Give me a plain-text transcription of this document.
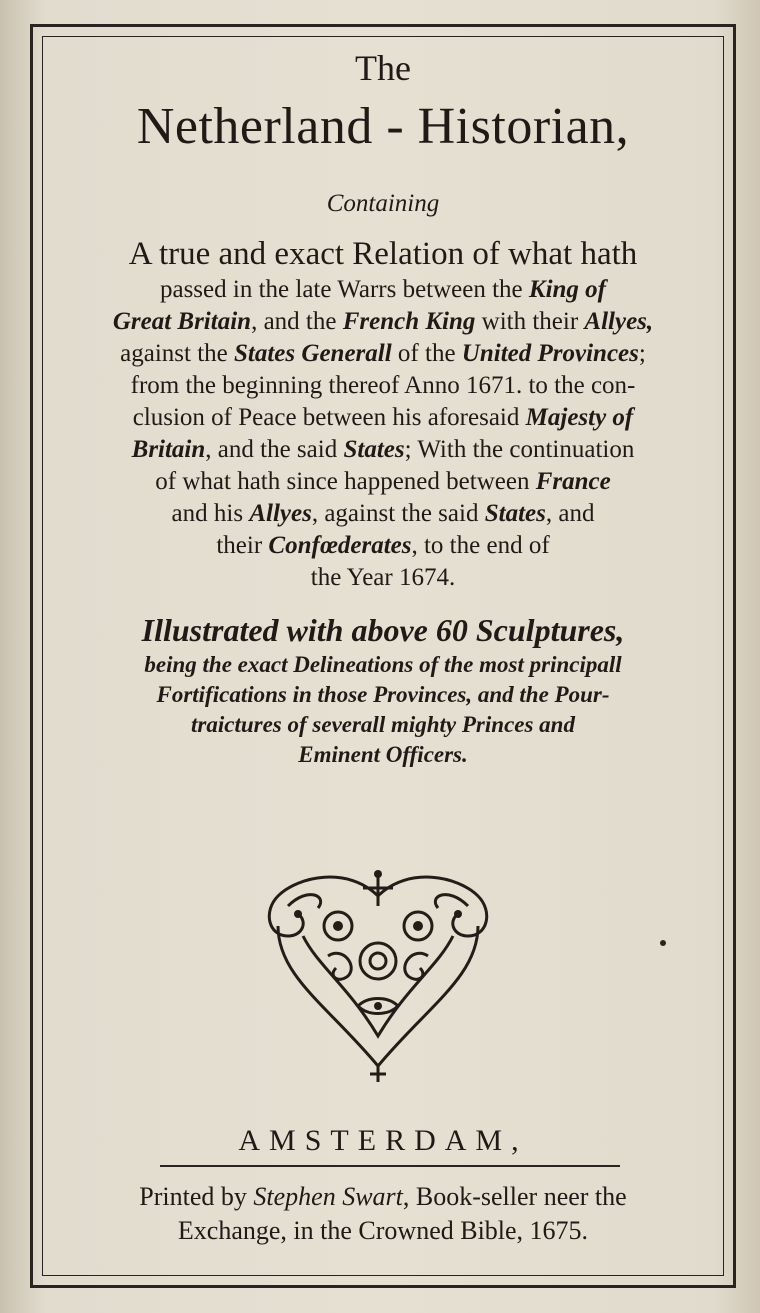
The
Netherland - Historian,
Containing
A true and exact Relation of what hath
passed in the late Warrs between the King of
Great Britain, and the French King with their Allyes,
against the States Generall of the United Provinces;
from the beginning thereof Anno 1671. to the con-
clusion of Peace between his aforesaid Majesty of
Britain, and the said States; With the continuation
of what hath since happened between France
and his Allyes, against the said States, and
their Confœderates, to the end of
the Year 1674.
Illustrated with above 60 Sculptures,
being the exact Delineations of the most principall
Fortifications in those Provinces, and the Pour-
traictures of severall mighty Princes and
Eminent Officers.
AMSTERDAM,
Printed by Stephen Swart, Book-seller neer the
Exchange, in the Crowned Bible, 1675.
